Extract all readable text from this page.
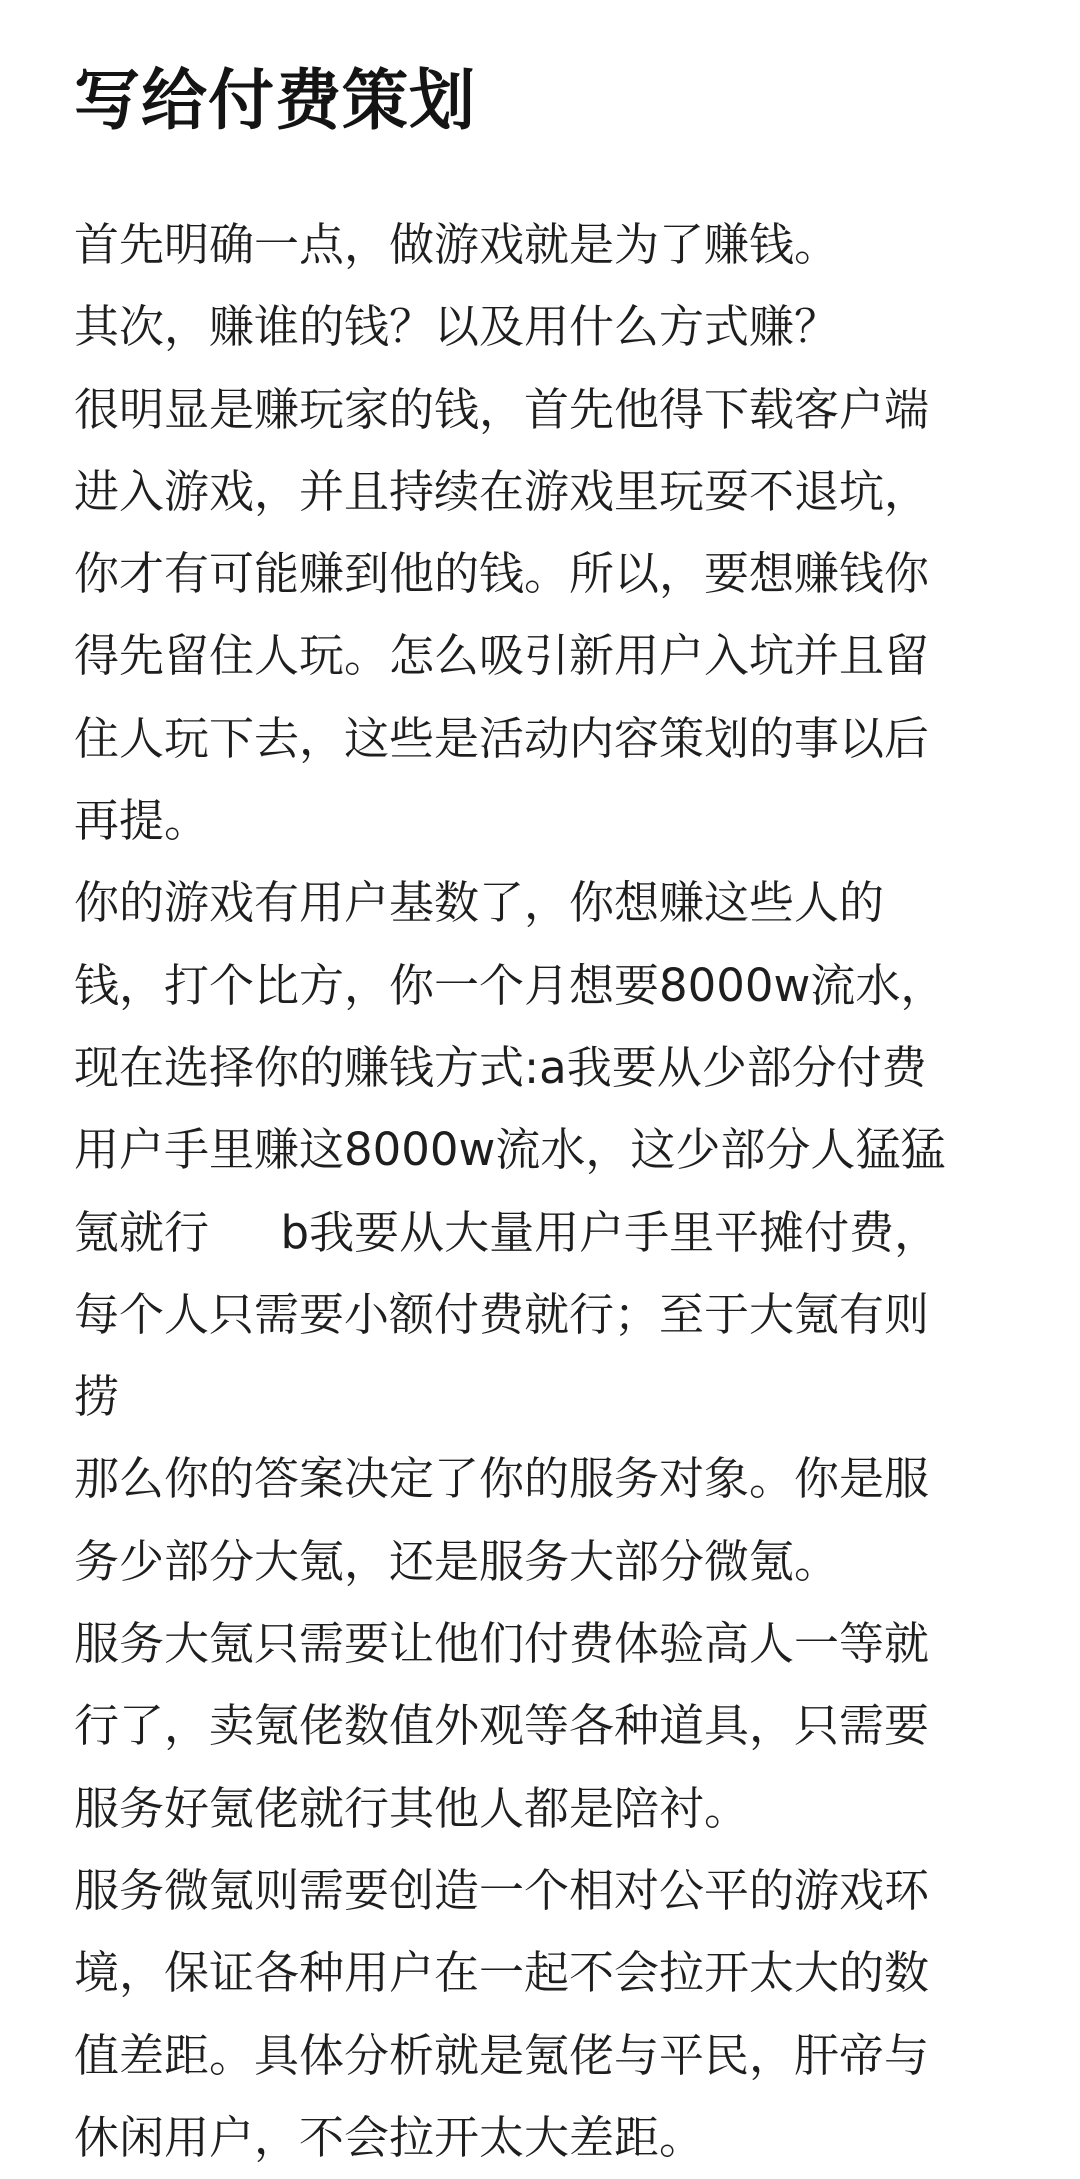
写给付费策划
首先明确一点，做游戏就是为了赚钱。
其次，赚谁的钱？以及用什么方式赚？
很明显是赚玩家的钱，首先他得下载客户端
进入游戏，并且持续在游戏里玩耍不退坑，
你才有可能赚到他的钱。所以，要想赚钱你
得先留住人玩。怎么吸引新用户入坑并且留
住人玩下去，这些是活动内容策划的事以后
再提。
你的游戏有用户基数了，你想赚这些人的
钱，打个比方，你一个月想要8000w流水，
现在选择你的赚钱方式:a我要从少部分付费
用户手里赚这8000w流水，这少部分人猛猛
氪就行     b我要从大量用户手里平摊付费，
每个人只需要小额付费就行；至于大氪有则
捞
那么你的答案决定了你的服务对象。你是服
务少部分大氪，还是服务大部分微氪。
服务大氪只需要让他们付费体验高人一等就
行了，卖氪佬数值外观等各种道具，只需要
服务好氪佬就行其他人都是陪衬。
服务微氪则需要创造一个相对公平的游戏环
境，保证各种用户在一起不会拉开太大的数
值差距。具体分析就是氪佬与平民，肝帝与
休闲用户，不会拉开太大差距。
